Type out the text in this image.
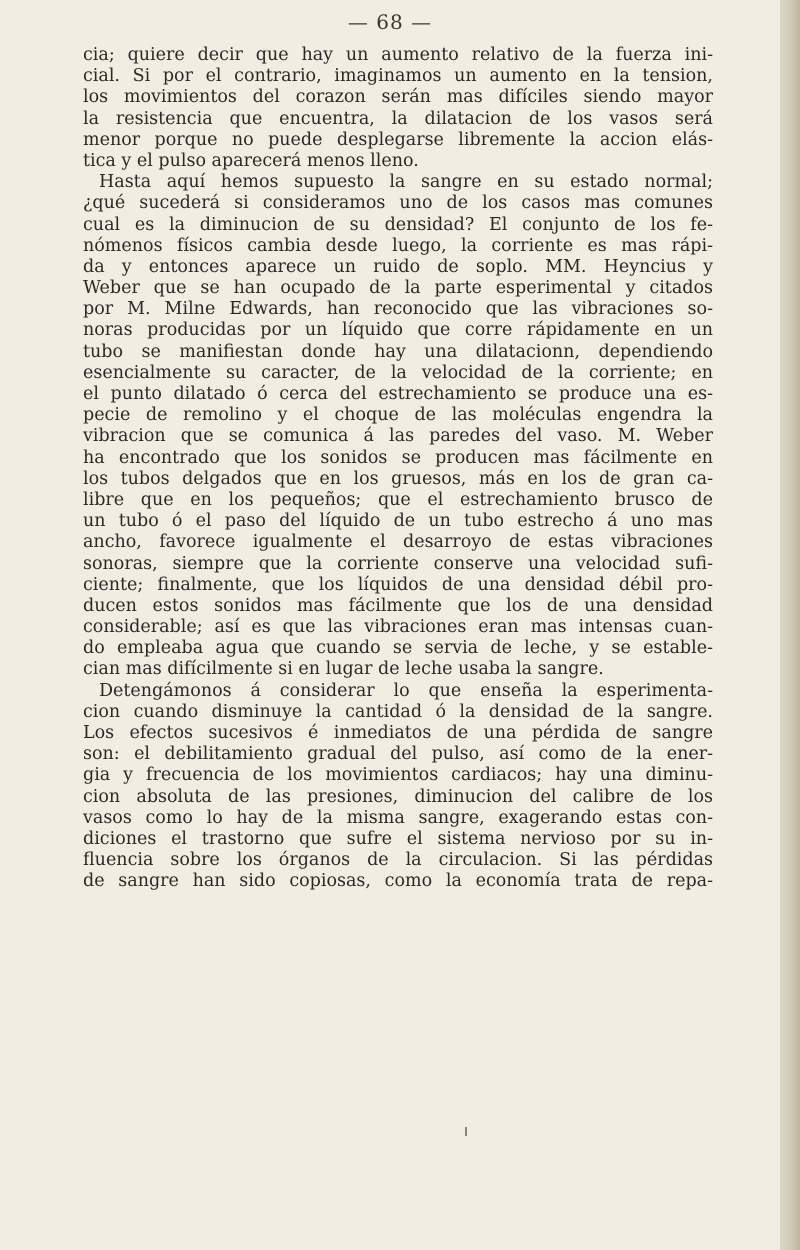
— 68 —
cia; quiere decir que hay un aumento relativo de la fuerza ini-
cial. Si por el contrario, imaginamos un aumento en la tension,
los movimientos del corazon serán mas difíciles siendo mayor
la resistencia que encuentra, la dilatacion de los vasos será
menor porque no puede desplegarse libremente la accion elás-
tica y el pulso aparecerá menos lleno.
Hasta aquí hemos supuesto la sangre en su estado normal;
¿qué sucederá si consideramos uno de los casos mas comunes
cual es la diminucion de su densidad? El conjunto de los fe-
nómenos físicos cambia desde luego, la corriente es mas rápi-
da y entonces aparece un ruido de soplo. MM. Heyncius y
Weber que se han ocupado de la parte esperimental y citados
por M. Milne Edwards, han reconocido que las vibraciones so-
noras producidas por un líquido que corre rápidamente en un
tubo se manifiestan donde hay una dilatacionn, dependiendo
esencialmente su caracter, de la velocidad de la corriente; en
el punto dilatado ó cerca del estrechamiento se produce una es-
pecie de remolino y el choque de las moléculas engendra la
vibracion que se comunica á las paredes del vaso. M. Weber
ha encontrado que los sonidos se producen mas fácilmente en
los tubos delgados que en los gruesos, más en los de gran ca-
libre que en los pequeños; que el estrechamiento brusco de
un tubo ó el paso del líquido de un tubo estrecho á uno mas
ancho, favorece igualmente el desarroyo de estas vibraciones
sonoras, siempre que la corriente conserve una velocidad sufi-
ciente; finalmente, que los líquidos de una densidad débil pro-
ducen estos sonidos mas fácilmente que los de una densidad
considerable; así es que las vibraciones eran mas intensas cuan-
do empleaba agua que cuando se servia de leche, y se estable-
cian mas difícilmente si en lugar de leche usaba la sangre.
Detengámonos á considerar lo que enseña la esperimenta-
cion cuando disminuye la cantidad ó la densidad de la sangre.
Los efectos sucesivos é inmediatos de una pérdida de sangre
son: el debilitamiento gradual del pulso, así como de la ener-
gia y frecuencia de los movimientos cardiacos; hay una diminu-
cion absoluta de las presiones, diminucion del calibre de los
vasos como lo hay de la misma sangre, exagerando estas con-
diciones el trastorno que sufre el sistema nervioso por su in-
fluencia sobre los órganos de la circulacion. Si las pérdidas
de sangre han sido copiosas, como la economía trata de repa-
